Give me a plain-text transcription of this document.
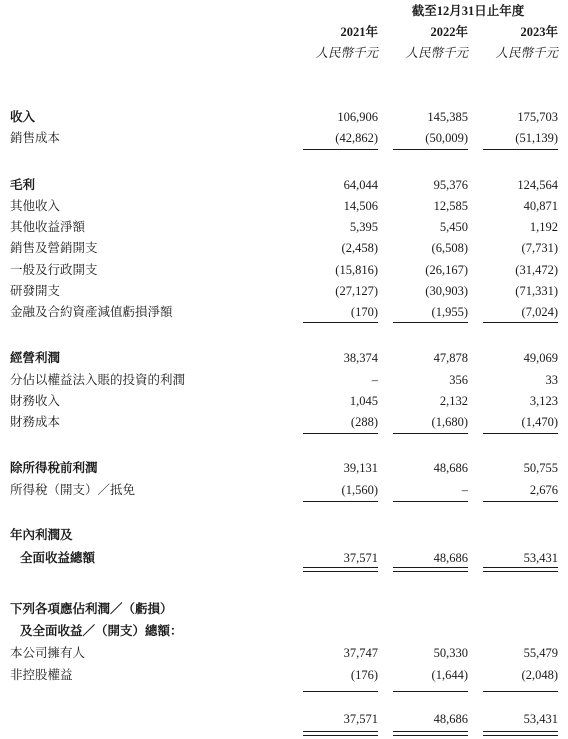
截至12月31日止年度
2021年	2022年	2023年
人民幣千元	人民幣千元	人民幣千元
收入	106,906	145,385	175,703
銷售成本	(42,862)	(50,009)	(51,139)
毛利	64,044	95,376	124,564
其他收入	14,506	12,585	40,871
其他收益淨額	5,395	5,450	1,192
銷售及營銷開支	(2,458)	(6,508)	(7,731)
一般及行政開支	(15,816)	(26,167)	(31,472)
研發開支	(27,127)	(30,903)	(71,331)
金融及合約資產減值虧損淨額	(170)	(1,955)	(7,024)
經營利潤	38,374	47,878	49,069
分佔以權益法入賬的投資的利潤	–	356	33
財務收入	1,045	2,132	3,123
財務成本	(288)	(1,680)	(1,470)
除所得稅前利潤	39,131	48,686	50,755
所得稅（開支）／抵免	(1,560)	–	2,676
年內利潤及
全面收益總額	37,571	48,686	53,431
下列各項應佔利潤／（虧損）
及全面收益／（開支）總額：
本公司擁有人	37,747	50,330	55,479
非控股權益	(176)	(1,644)	(2,048)
37,571	48,686	53,431
